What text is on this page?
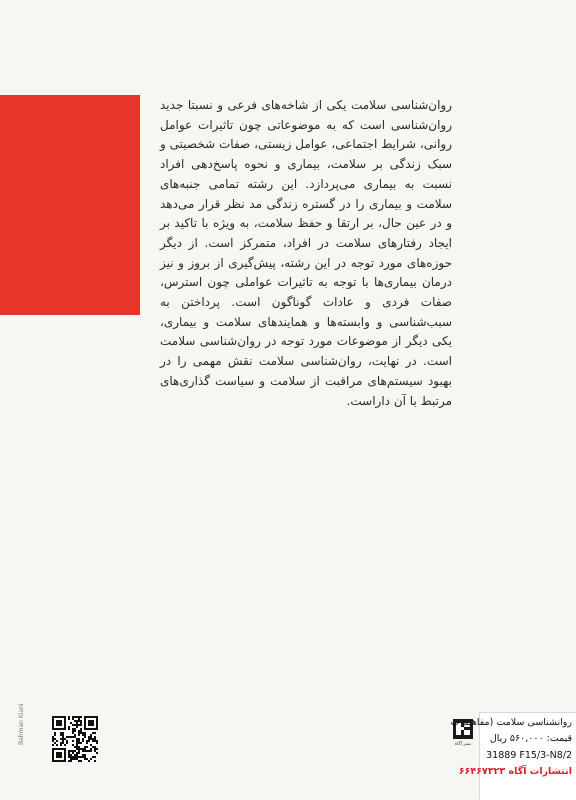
روان‌شناسی سلامت یکی از شاخه‌های فرعی و نسبتا جدید روان‌شناسی است که به موضوعاتی چون تاثیرات عوامل روانی، شرایط اجتماعی، عوامل زیستی، صفات شخصیتی و سبک زندگی بر سلامت، بیماری و نحوه پاسخ‌دهی افراد نسبت به بیماری می‌پردازد. این رشته تمامی جنبه‌های سلامت و بیماری را در گستره زندگی مد نظر قرار می‌دهد و در عین حال، بر ارتقا و حفظ سلامت، به ویژه با تاکید بر ایجاد رفتارهای سلامت در افراد، متمرکز است. از دیگر حوزه‌های مورد توجه در این رشته، پیش‌گیری از بروز و نیز درمان بیماری‌ها با توجه به تاثیرات عواملی چون استرس، صفات فردی و عادات گوناگون است. پرداختن به سبب‌شناسی و وابسته‌ها و همایندهای سلامت و بیماری، یکی دیگر از موضوعات مورد توجه در روان‌شناسی سلامت است. در نهایت، روان‌شناسی سلامت نقش مهمی را در بهبود سیستم‌های مراقبت از سلامت و سیاست گذاری‌های مرتبط با آن داراست.
Bahman Kiani	نشر آگاه
روانشناسی سلامت (مفاهیم ب
قیمت: ۵۶۰,۰۰۰ ریال
31889 F15/3-N8/2
انتشارات آگاه ۶۶۴۶۷۳۲۳
